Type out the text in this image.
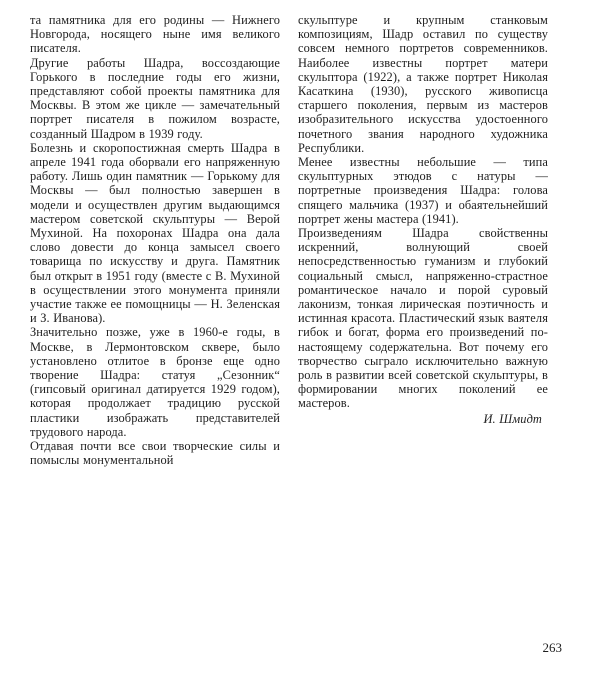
та памятника для его родины — Нижнего Новгорода, носящего ныне имя великого писателя.

Другие работы Шадра, воссоздающие Горького в последние годы его жизни, представляют собой проекты памятника для Москвы. В этом же цикле — замечательный портрет писателя в пожилом возрасте, созданный Шадром в 1939 году.

Болезнь и скоропостижная смерть Шадра в апреле 1941 года оборвали его напряженную работу. Лишь один памятник — Горькому для Москвы — был полностью завершен в модели и осуществлен другим выдающимся мастером советской скульптуры — Верой Мухиной. На похоронах Шадра она дала слово довести до конца замысел своего товарища по искусству и друга. Памятник был открыт в 1951 году (вместе с В. Мухиной в осуществлении этого монумента приняли участие также ее помощницы — Н. Зеленская и З. Иванова).

Значительно позже, уже в 1960-е годы, в Москве, в Лермонтовском сквере, было установлено отлитое в бронзе еще одно творение Шадра: статуя „Сезонник“ (гипсовый оригинал датируется 1929 годом), которая продолжает традицию русской пластики изображать представителей трудового народа.

Отдавая почти все свои творческие силы и помыслы монументальной

скульптуре и крупным станковым композициям, Шадр оставил по существу совсем немного портретов современников. Наиболее известны портрет матери скульптора (1922), а также портрет Николая Касаткина (1930), русского живописца старшего поколения, первым из мастеров изобразительного искусства удостоенного почетного звания народного художника Республики.

Менее известны небольшие — типа скульптурных этюдов с натуры — портретные произведения Шадра: голова спящего мальчика (1937) и обаятельнейший портрет жены мастера (1941).

Произведениям Шадра свойственны искренний, волнующий своей непосредственностью гуманизм и глубокий социальный смысл, напряженно-страстное романтическое начало и порой суровый лаконизм, тонкая лирическая поэтичность и истинная красота. Пластический язык ваятеля гибок и богат, форма его произведений по-настоящему содержательна. Вот почему его творчество сыграло исключительно важную роль в развитии всей советской скульптуры, в формировании многих поколений ее мастеров.

И. Шмидт

263
